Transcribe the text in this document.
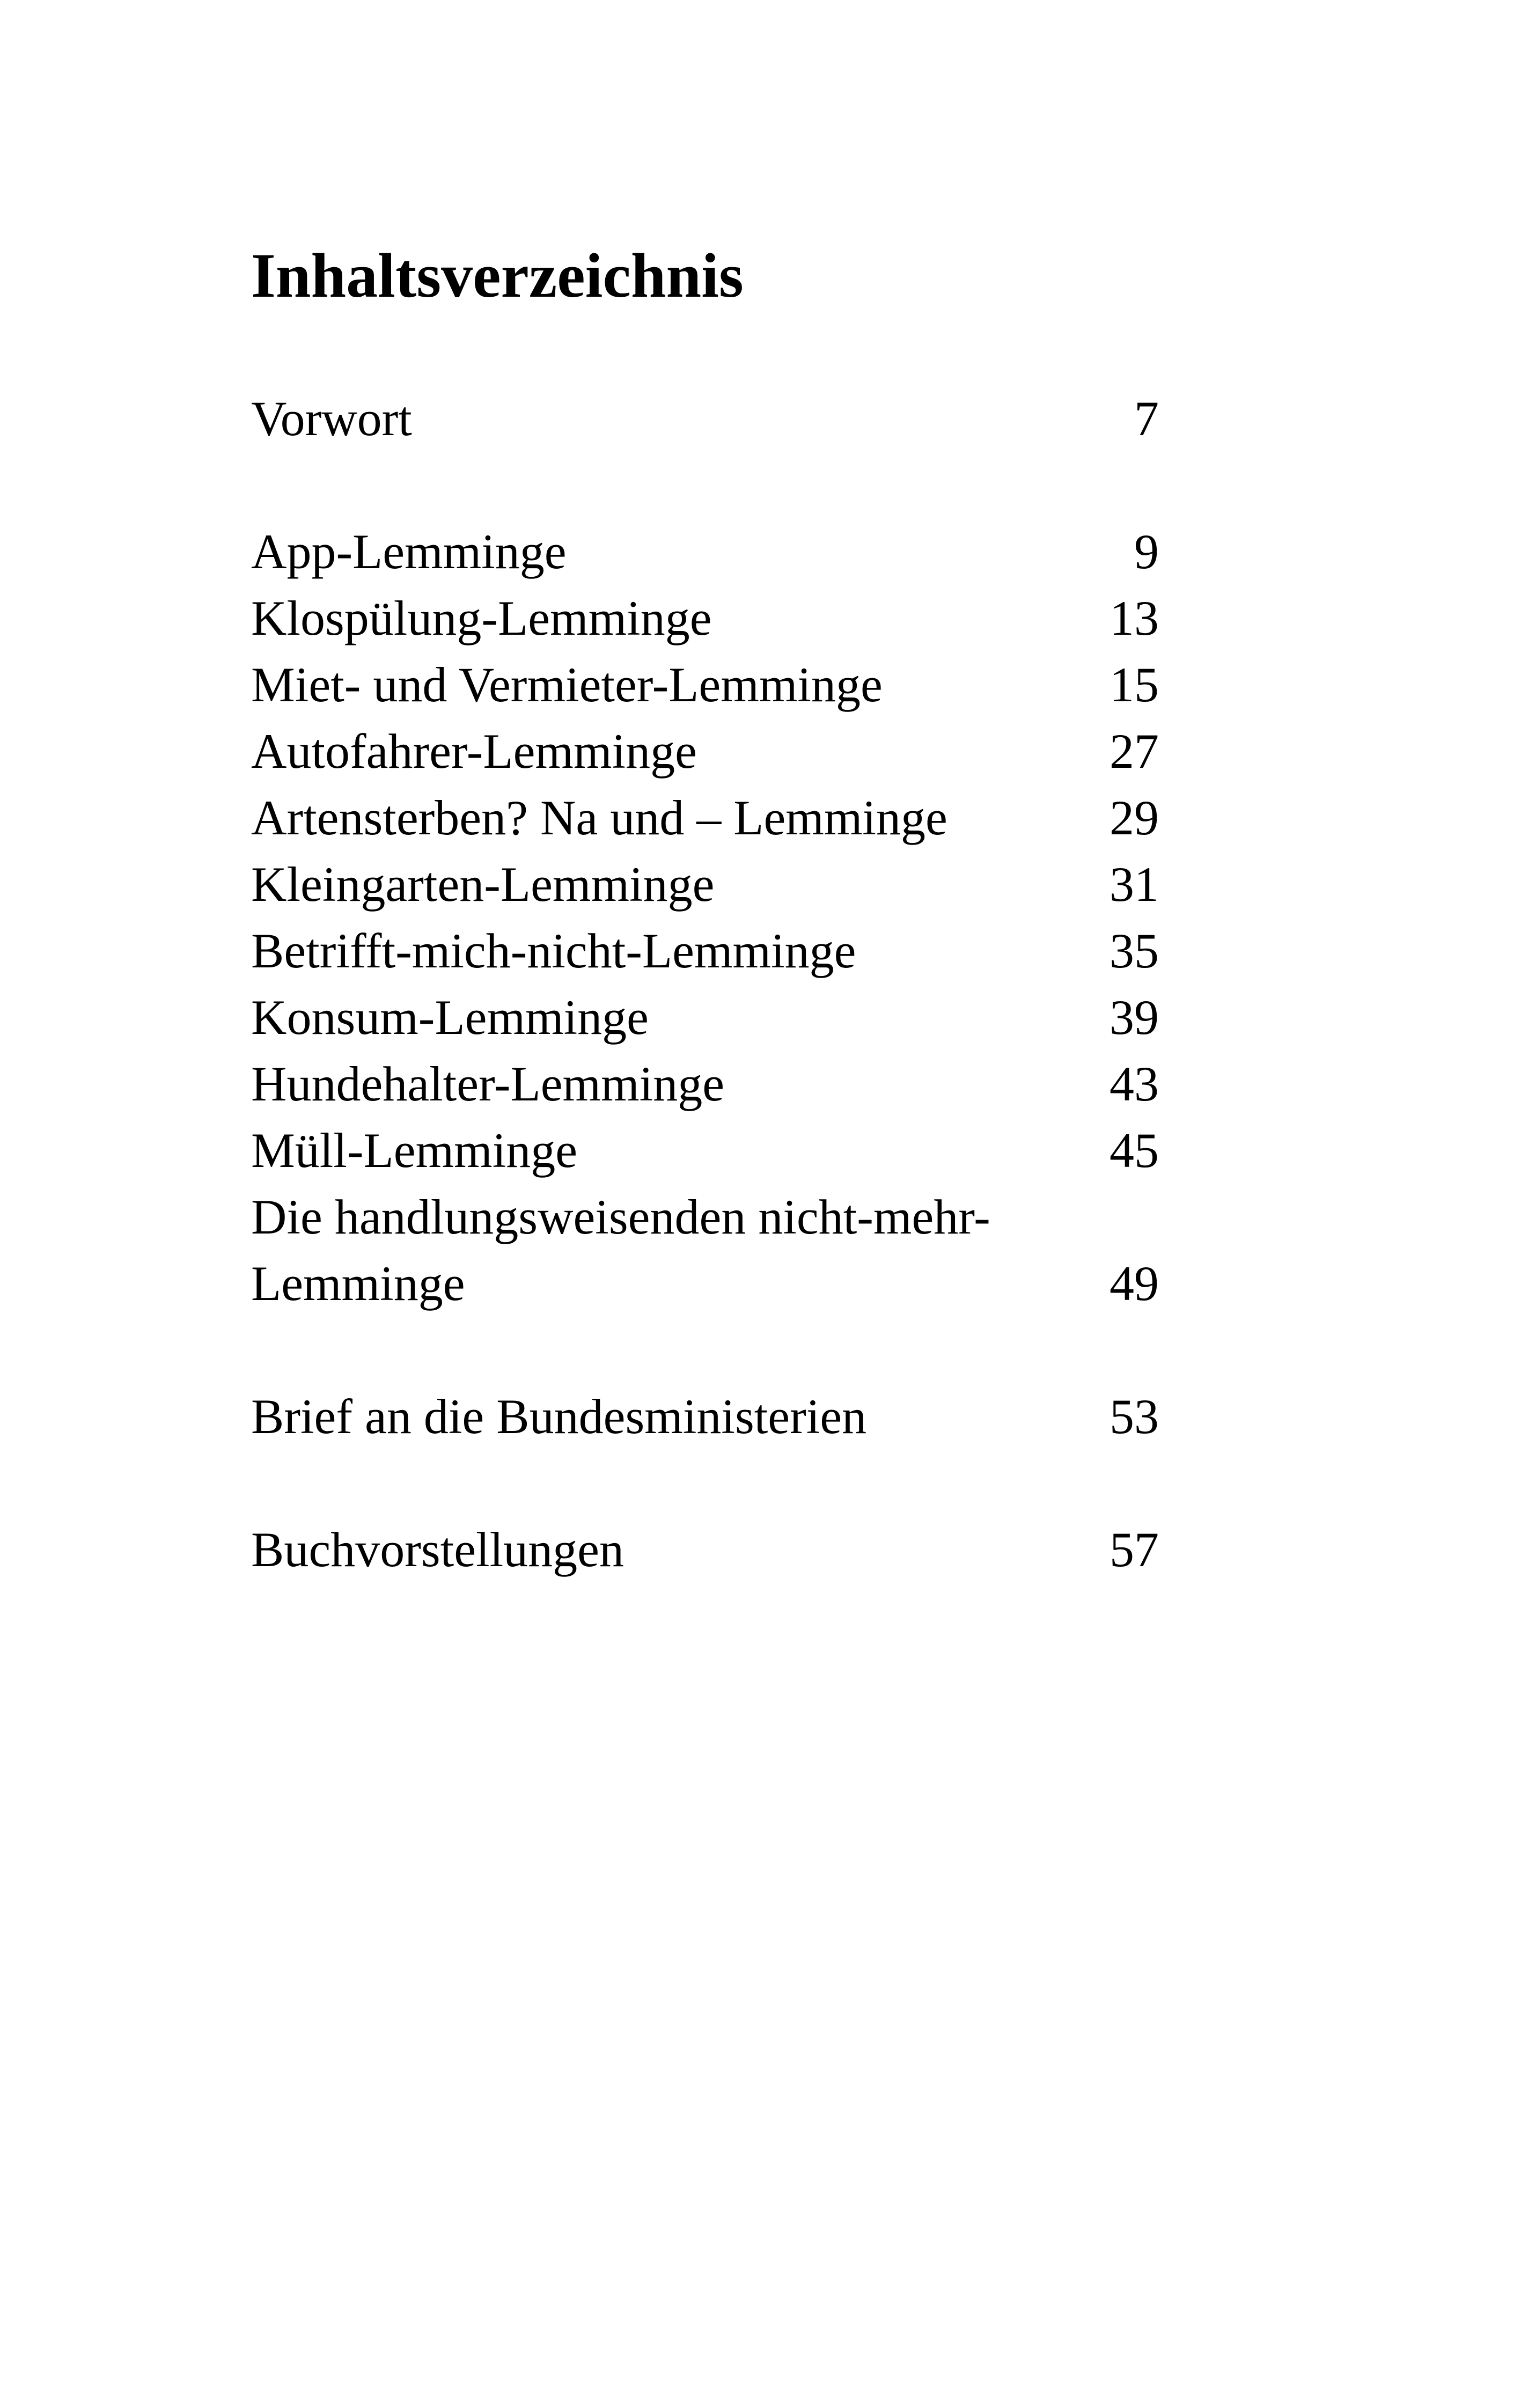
Inhaltsverzeichnis
Vorwort	7
App-Lemminge	9
Klospülung-Lemminge	13
Miet- und Vermieter-Lemminge	15
Autofahrer-Lemminge	27
Artensterben? Na und – Lemminge	29
Kleingarten-Lemminge	31
Betrifft-mich-nicht-Lemminge	35
Konsum-Lemminge	39
Hundehalter-Lemminge	43
Müll-Lemminge	45
Die handlungsweisenden nicht-mehr-
Lemminge	49
Brief an die Bundesministerien	53
Buchvorstellungen	57
